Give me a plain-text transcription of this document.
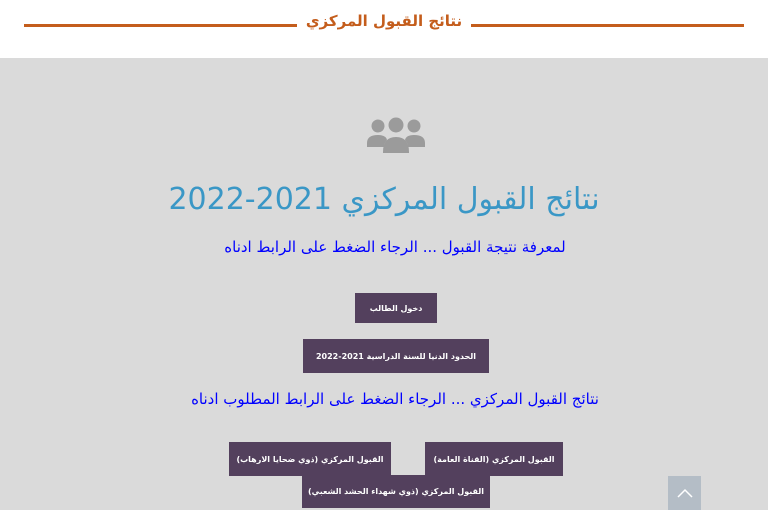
نتائج القبول المركزي
نتائج القبول المركزي 2021-2022
لمعرفة نتيجة القبول ... الرجاء الضغط على الرابط ادناه
دخول الطالب
الحدود الدنيا للسنة الدراسية 2021-2022
نتائج القبول المركزي ... الرجاء الضغط على الرابط المطلوب ادناه
القبول المركزي (القناة العامة)
القبول المركزي (ذوي ضحايا الارهاب)
القبول المركزي (ذوي شهداء الحشد الشعبي)
